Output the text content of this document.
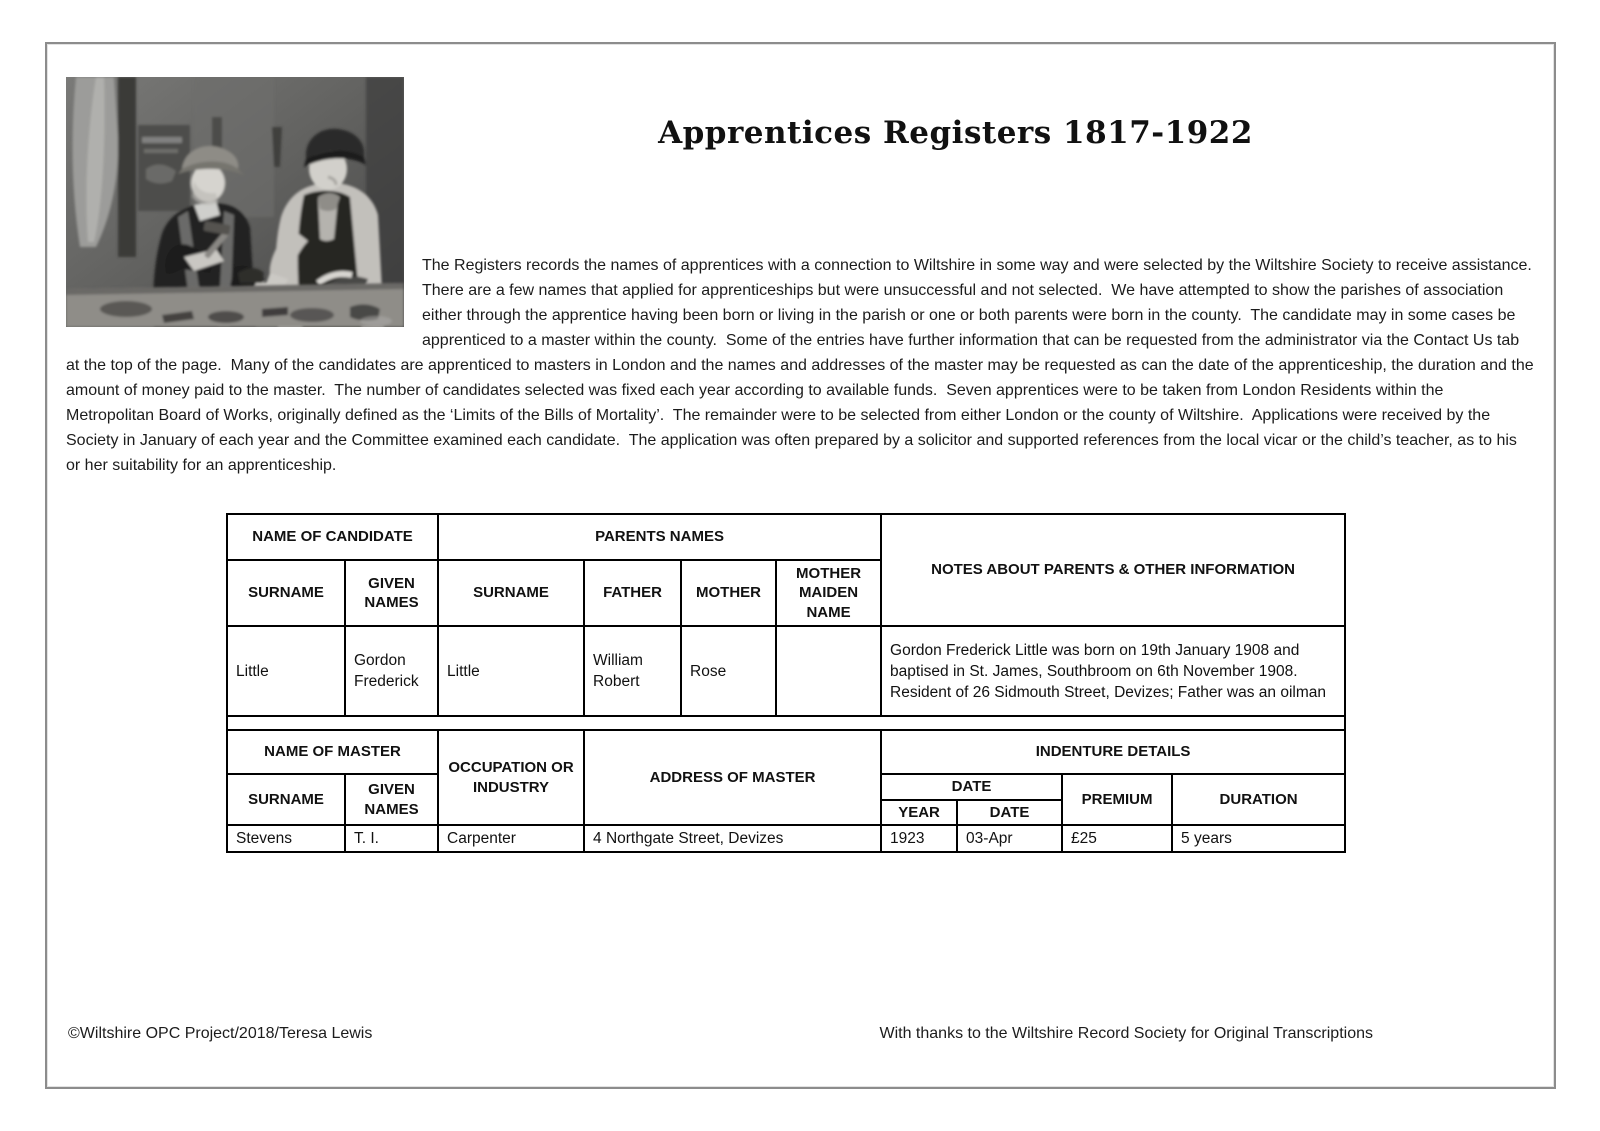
Apprentices Registers 1817-1922

The Registers records the names of apprentices with a connection to Wiltshire in some way and were selected by the Wiltshire Society to receive assistance.  There are a few names that applied for apprenticeships but were unsuccessful and not selected.  We have attempted to show the parishes of association either through the apprentice having been born or living in the parish or one or both parents were born in the county.  The candidate may in some cases be apprenticed to a master within the county.  Some of the entries have further information that can be requested from the administrator via the Contact Us tab at the top of the page.  Many of the candidates are apprenticed to masters in London and the names and addresses of the master may be requested as can the date of the apprenticeship, the duration and the amount of money paid to the master.  The number of candidates selected was fixed each year according to available funds.  Seven apprentices were to be taken from London Residents within the Metropolitan Board of Works, originally defined as the ‘Limits of the Bills of Mortality’.  The remainder were to be selected from either London or the county of Wiltshire.  Applications were received by the Society in January of each year and the Committee examined each candidate.  The application was often prepared by a solicitor and supported references from the local vicar or the child’s teacher, as to his or her suitability for an apprenticeship.

NAME OF CANDIDATE		PARENTS NAMES				NOTES ABOUT PARENTS & OTHER INFORMATION			
SURNAME	GIVEN NAMES	SURNAME	FATHER	MOTHER	MOTHER MAIDEN NAME				
Little	Gordon Frederick	Little	William Robert	Rose		Gordon Frederick Little was born on 19th January 1908 and baptised in St. James, Southbroom on 6th November 1908. Resident of 26 Sidmouth Street, Devizes; Father was an oilman			

NAME OF MASTER		OCCUPATION OR INDUSTRY	ADDRESS OF MASTER			INDENTURE DETAILS			
SURNAME	GIVEN NAMES					DATE		PREMIUM	DURATION
						YEAR	DATE		
Stevens	T. I.	Carpenter	4 Northgate Street, Devizes			1923	03-Apr	£25	5 years
©Wiltshire OPC Project/2018/Teresa Lewis	With thanks to the Wiltshire Record Society for Original Transcriptions
